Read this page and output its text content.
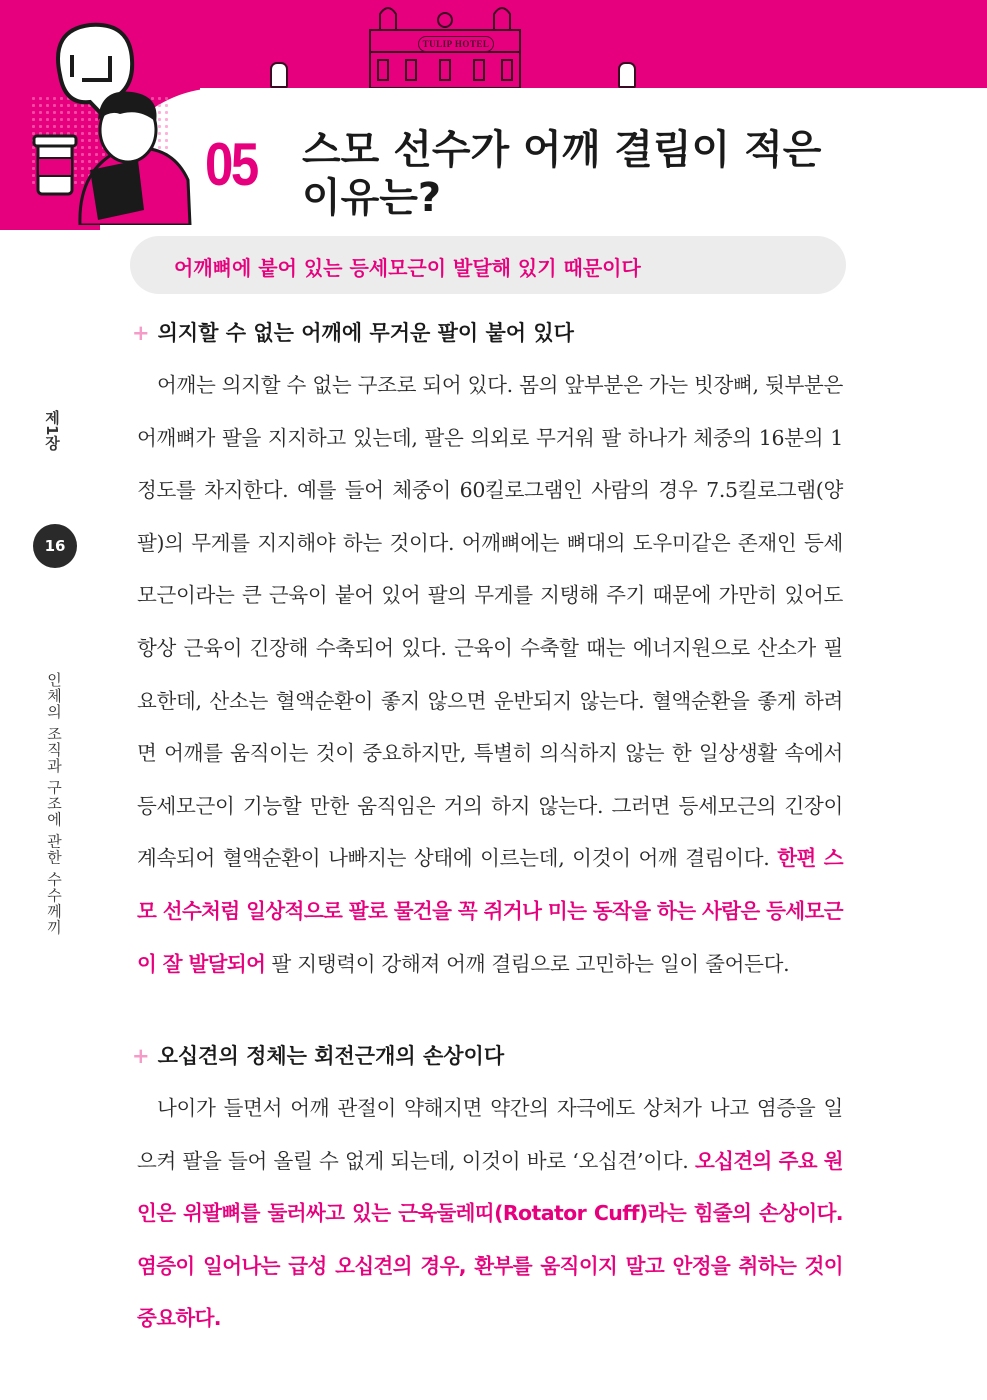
TULIP HOTEL
05 스모 선수가 어깨 결림이 적은
이유는?
어깨뼈에 붙어 있는 등세모근이 발달해 있기 때문이다
제1장
16
인체의 조직과 구조에 관한 수수께끼
+ 의지할 수 없는 어깨에 무거운 팔이 붙어 있다

어깨는 의지할 수 없는 구조로 되어 있다. 몸의 앞부분은 가는 빗장뼈, 뒷부분은 어깨뼈가 팔을 지지하고 있는데, 팔은 의외로 무거워 팔 하나가 체중의 16분의 1 정도를 차지한다. 예를 들어 체중이 60킬로그램인 사람의 경우 7.5킬로그램(양팔)의 무게를 지지해야 하는 것이다. 어깨뼈에는 뼈대의 도우미같은 존재인 등세모근이라는 큰 근육이 붙어 있어 팔의 무게를 지탱해 주기 때문에 가만히 있어도 항상 근육이 긴장해 수축되어 있다. 근육이 수축할 때는 에너지원으로 산소가 필요한데, 산소는 혈액순환이 좋지 않으면 운반되지 않는다. 혈액순환을 좋게 하려면 어깨를 움직이는 것이 중요하지만, 특별히 의식하지 않는 한 일상생활 속에서 등세모근이 기능할 만한 움직임은 거의 하지 않는다. 그러면 등세모근의 긴장이 계속되어 혈액순환이 나빠지는 상태에 이르는데, 이것이 어깨 결림이다. 한편 스모 선수처럼 일상적으로 팔로 물건을 꼭 쥐거나 미는 동작을 하는 사람은 등세모근이 잘 발달되어 팔 지탱력이 강해져 어깨 결림으로 고민하는 일이 줄어든다.

+ 오십견의 정체는 회전근개의 손상이다

나이가 들면서 어깨 관절이 약해지면 약간의 자극에도 상처가 나고 염증을 일으켜 팔을 들어 올릴 수 없게 되는데, 이것이 바로 ‘오십견’이다. 오십견의 주요 원인은 위팔뼈를 둘러싸고 있는 근육둘레띠(Rotator Cuff)라는 힘줄의 손상이다. 염증이 일어나는 급성 오십견의 경우, 환부를 움직이지 말고 안정을 취하는 것이 중요하다.
